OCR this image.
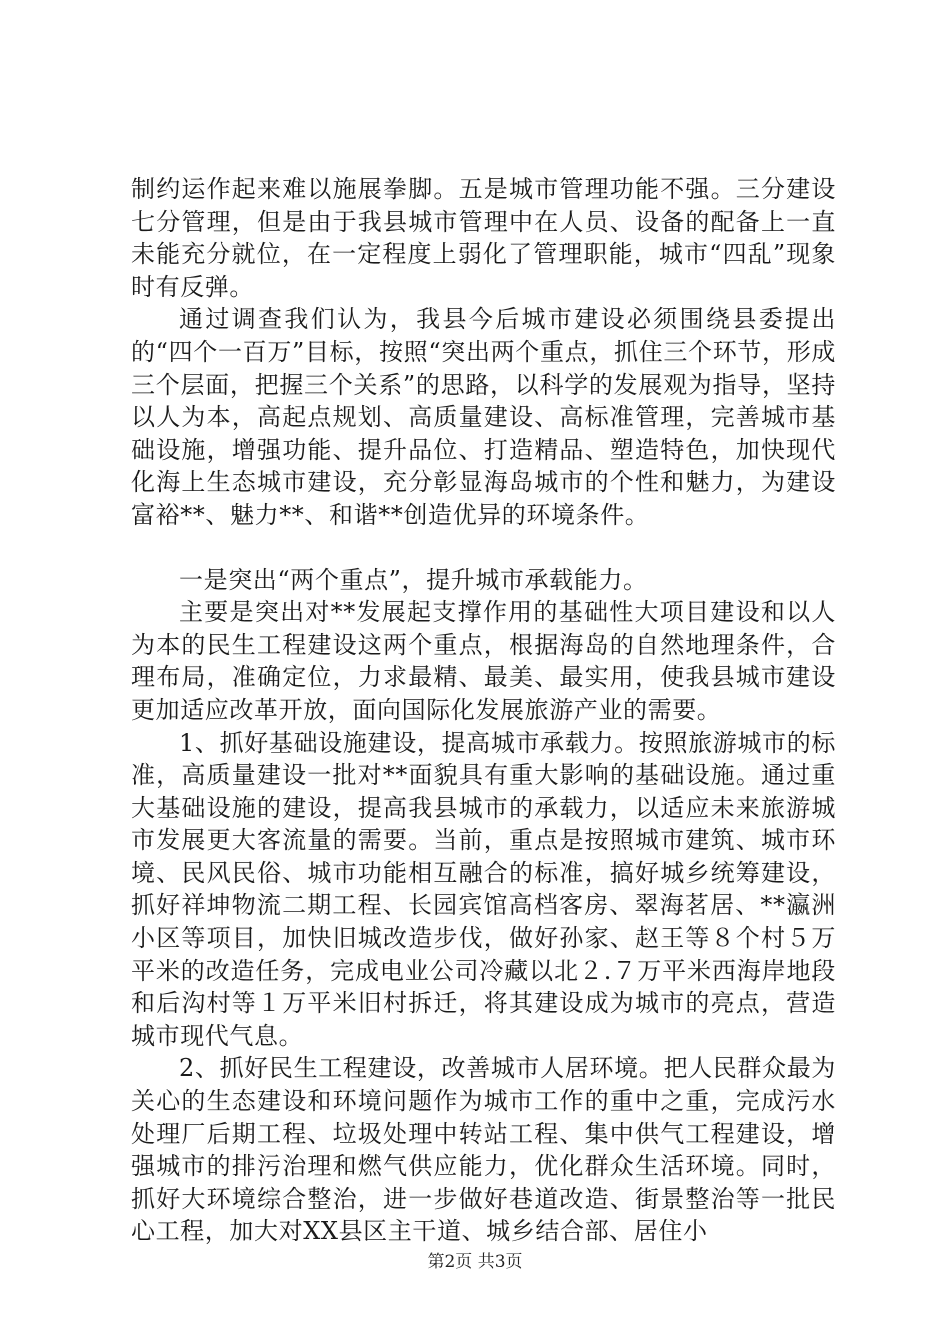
制约运作起来难以施展拳脚。五是城市管理功能不强。三分建设七分管理，但是由于我县城市管理中在人员、设备的配备上一直未能充分就位，在一定程度上弱化了管理职能，城市“四乱”现象时有反弹。

通过调查我们认为，我县今后城市建设必须围绕县委提出的“四个一百万”目标，按照“突出两个重点，抓住三个环节，形成三个层面，把握三个关系”的思路，以科学的发展观为指导，坚持以人为本，高起点规划、高质量建设、高标准管理，完善城市基础设施，增强功能、提升品位、打造精品、塑造特色，加快现代化海上生态城市建设，充分彰显海岛城市的个性和魅力，为建设富裕**、魅力**、和谐**创造优异的环境条件。

一是突出“两个重点”，提升城市承载能力。

主要是突出对**发展起支撑作用的基础性大项目建设和以人为本的民生工程建设这两个重点，根据海岛的自然地理条件，合理布局，准确定位，力求最精、最美、最实用，使我县城市建设更加适应改革开放，面向国际化发展旅游产业的需要。

1、抓好基础设施建设，提高城市承载力。按照旅游城市的标准，高质量建设一批对**面貌具有重大影响的基础设施。通过重大基础设施的建设，提高我县城市的承载力，以适应未来旅游城市发展更大客流量的需要。当前，重点是按照城市建筑、城市环境、民风民俗、城市功能相互融合的标准，搞好城乡统筹建设，抓好祥坤物流二期工程、长园宾馆高档客房、翠海茗居、**瀛洲小区等项目，加快旧城改造步伐，做好孙家、赵王等８个村５万平米的改造任务，完成电业公司冷藏以北２.７万平米西海岸地段和后沟村等１万平米旧村拆迁，将其建设成为城市的亮点，营造城市现代气息。

2、抓好民生工程建设，改善城市人居环境。把人民群众最为关心的生态建设和环境问题作为城市工作的重中之重，完成污水处理厂后期工程、垃圾处理中转站工程、集中供气工程建设，增强城市的排污治理和燃气供应能力，优化群众生活环境。同时，抓好大环境综合整治，进一步做好巷道改造、街景整治等一批民心工程，加大对XX县区主干道、城乡结合部、居住小

第2页 共3页
